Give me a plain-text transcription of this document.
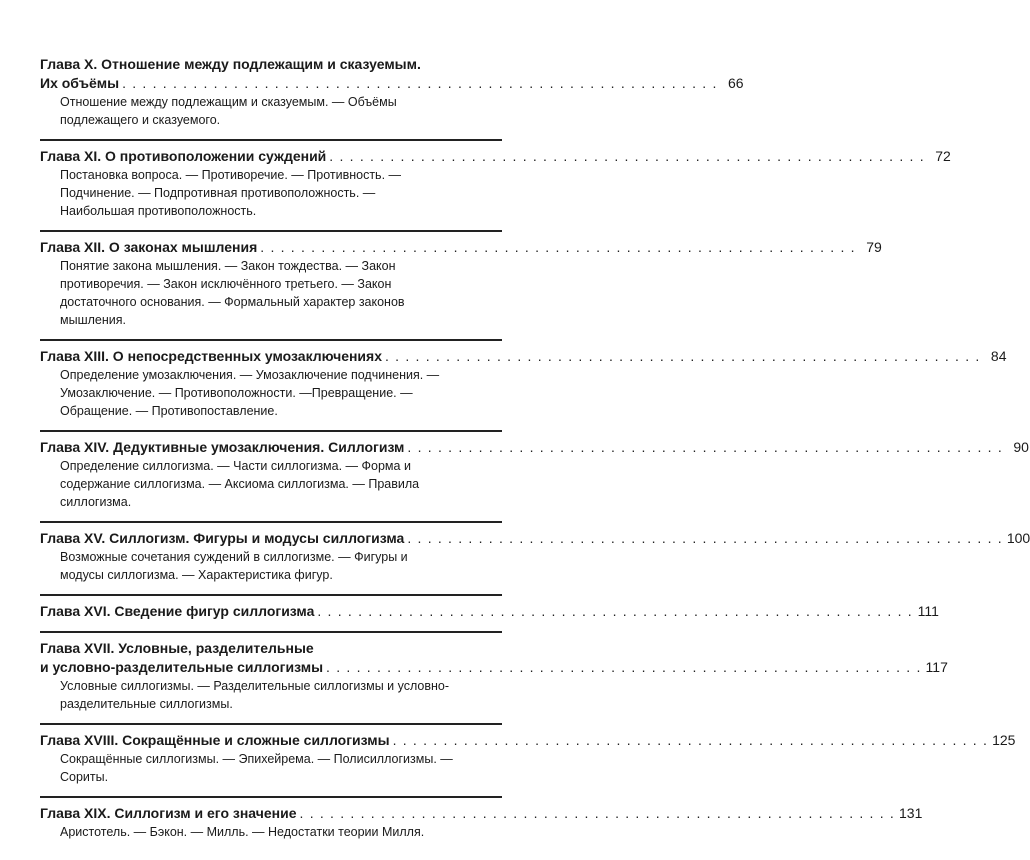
Глава X. Отношение между подлежащим и сказуемым.
Их объёмы . . . . . . . . . . . . . . . . . . . . . . . . . . . . . . . . . . . . . . . . . . . . . . . . . . . . . . . . . . . 66
Отношение между подлежащим и сказуемым. — Объёмы
подлежащего и сказуемого.
Глава XI. О противоположении суждений . . . . . . . . . . . . . . . . . . . . . . . . . . . . . . . . . . . . . . . . . . . . . . . . . . . . . . . . . . . 72
Постановка вопроса. — Противоречие. — Противность. —
Подчинение. — Подпротивная противоположность. —
Наибольшая противоположность.
Глава XII. О законах мышления . . . . . . . . . . . . . . . . . . . . . . . . . . . . . . . . . . . . . . . . . . . . . . . . . . . . . . . . . . . 79
Понятие закона мышления. — Закон тождества. — Закон
противоречия. — Закон исключённого третьего. — Закон
достаточного основания. — Формальный характер законов
мышления.
Глава XIII. О непосредственных умозаключениях . . . . . . . . . . . . . . . . . . . . . . . . . . . . . . . . . . . . . . . . . . . . . . . . . . . . . . . . . . . 84
Определение умозаключения. — Умозаключение подчинения. —
Умозаключение. — Противоположности. —Превращение. —
Обращение. — Противопоставление.
Глава XIV. Дедуктивные умозаключения. Силлогизм . . . . . . . . . . . . . . . . . . . . . . . . . . . . . . . . . . . . . . . . . . . . . . . . . . . . . . . . . . . 90
Определение силлогизма. — Части силлогизма. — Форма и
содержание силлогизма. — Аксиома силлогизма. — Правила
силлогизма.
Глава XV. Силлогизм. Фигуры и модусы силлогизма . . . . . . . . . . . . . . . . . . . . . . . . . . . . . . . . . . . . . . . . . . . . . . . . . . . . . . . . . . . 100
Возможные сочетания суждений в силлогизме. — Фигуры и
модусы силлогизма. — Характеристика фигур.
Глава XVI. Сведение фигур силлогизма . . . . . . . . . . . . . . . . . . . . . . . . . . . . . . . . . . . . . . . . . . . . . . . . . . . . . . . . . . . 111
Глава XVII. Условные, разделительные
и условно-разделительные силлогизмы . . . . . . . . . . . . . . . . . . . . . . . . . . . . . . . . . . . . . . . . . . . . . . . . . . . . . . . . . . . 117
Условные силлогизмы. — Разделительные силлогизмы и условно-
разделительные силлогизмы.
Глава XVIII. Сокращённые и сложные силлогизмы . . . . . . . . . . . . . . . . . . . . . . . . . . . . . . . . . . . . . . . . . . . . . . . . . . . . . . . . . . . 125
Сокращённые силлогизмы. — Эпихейрема. — Полисиллогизмы. —
Сориты.
Глава XIX. Силлогизм и его значение . . . . . . . . . . . . . . . . . . . . . . . . . . . . . . . . . . . . . . . . . . . . . . . . . . . . . . . . . . . 131
Аристотель. — Бэкон. — Милль. — Недостатки теории Милля.
